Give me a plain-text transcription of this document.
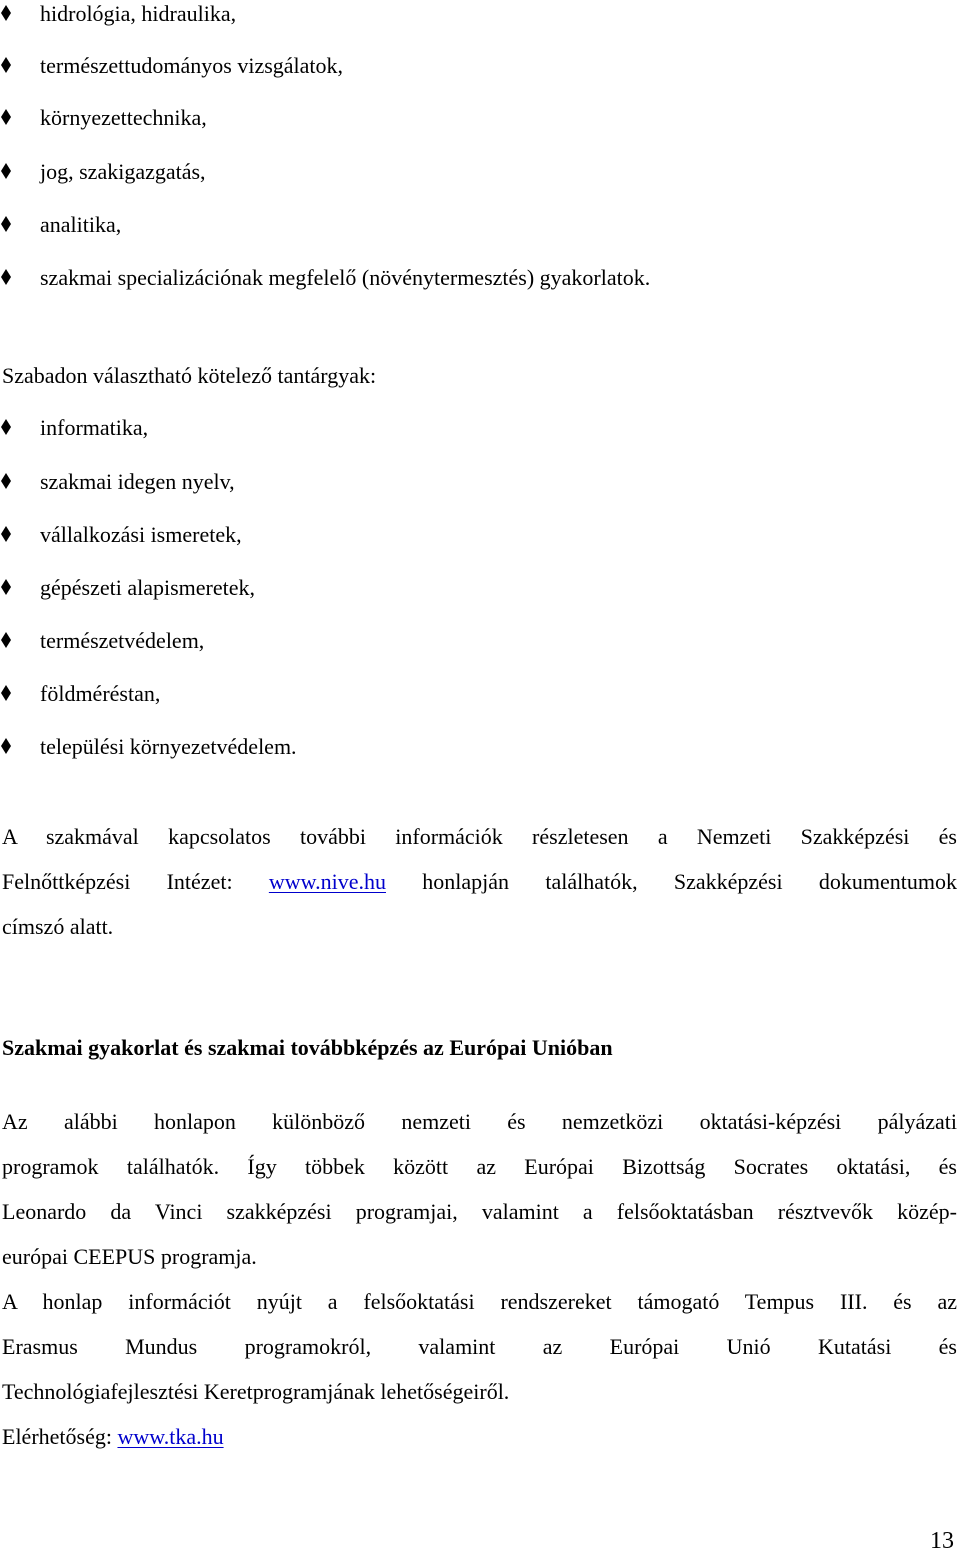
hidrológia, hidraulika,
természettudományos vizsgálatok,
környezettechnika,
jog, szakigazgatás,
analitika,
szakmai specializációnak megfelelő (növénytermesztés) gyakorlatok.
Szabadon választható kötelező tantárgyak:
informatika,
szakmai idegen nyelv,
vállalkozási ismeretek,
gépészeti alapismeretek,
természetvédelem,
földméréstan,
települési környezetvédelem.
A szakmával kapcsolatos további információk részletesen a Nemzeti Szakképzési és
Felnőttképzési Intézet: www.nive.hu honlapján találhatók, Szakképzési dokumentumok
címszó alatt.
Szakmai gyakorlat és szakmai továbbképzés az Európai Unióban
Az alábbi honlapon különböző nemzeti és nemzetközi oktatási-képzési pályázati
programok találhatók. Így többek között az Európai Bizottság Socrates oktatási, és
Leonardo da Vinci szakképzési programjai, valamint a felsőoktatásban résztvevők közép-
európai CEEPUS programja.
A honlap információt nyújt a felsőoktatási rendszereket támogató Tempus III. és az
Erasmus Mundus programokról, valamint az Európai Unió Kutatási és
Technológiafejlesztési Keretprogramjának lehetőségeiről.
Elérhetőség: www.tka.hu
13
